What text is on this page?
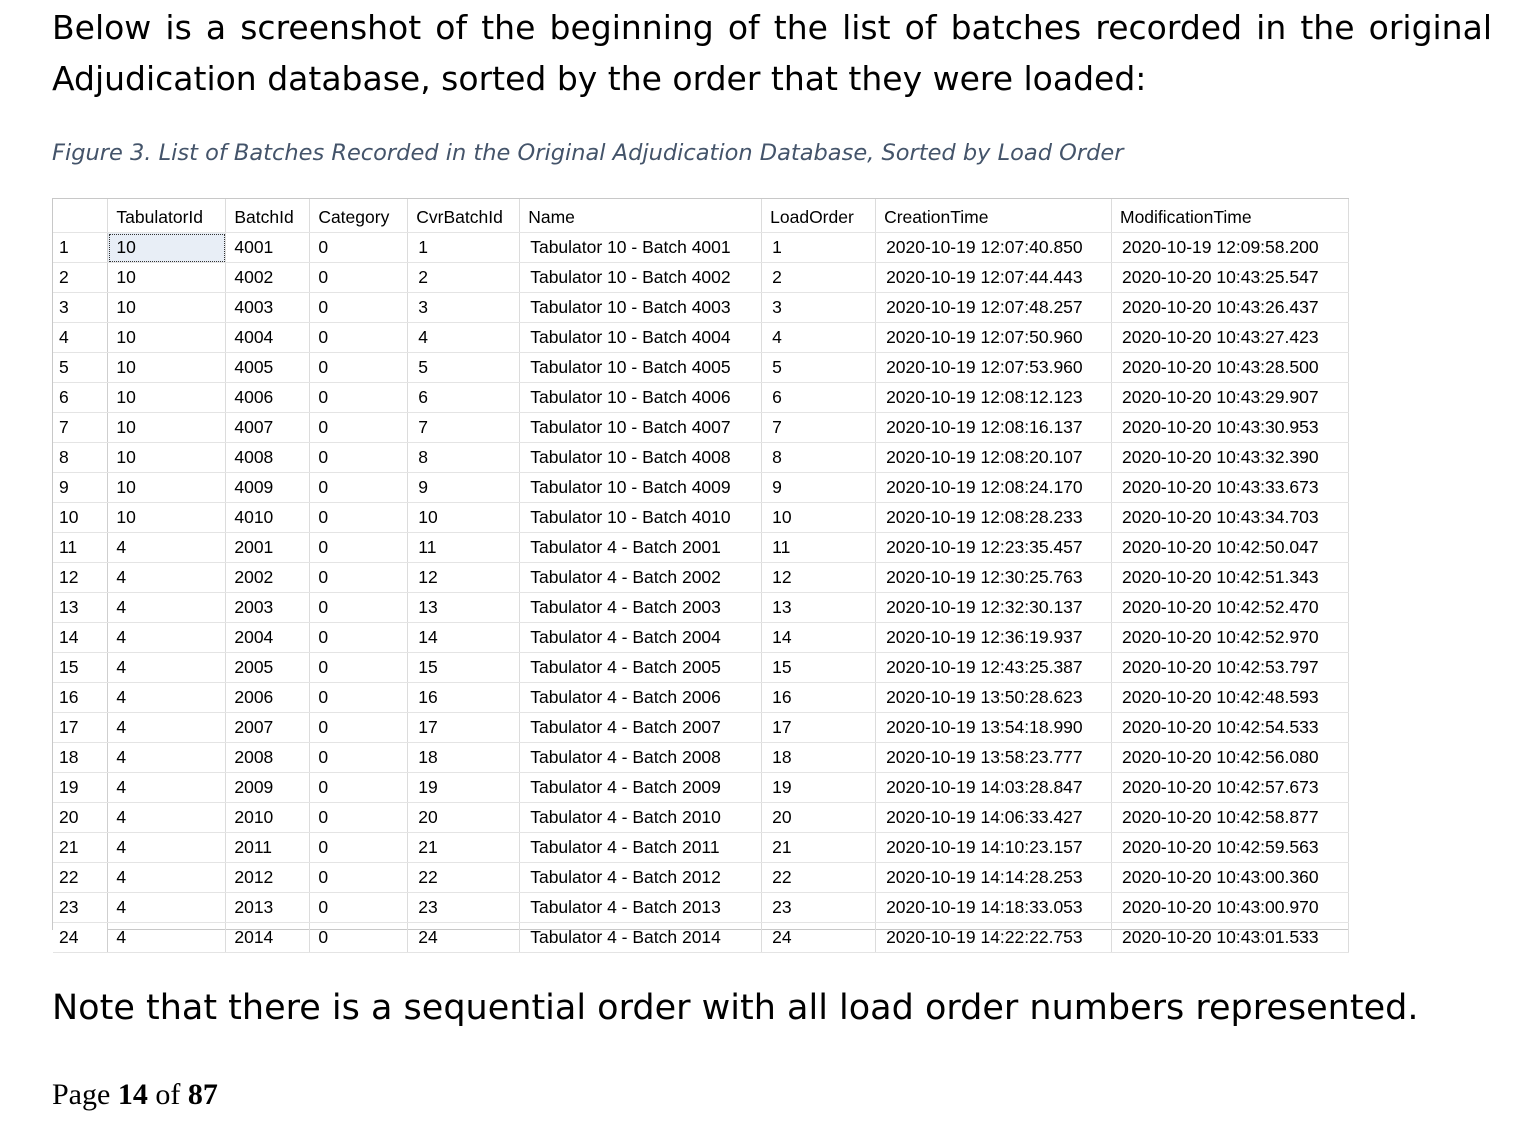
Below is a screenshot of the beginning of the list of batches recorded in the original Adjudication database, sorted by the order that they were loaded:

Figure 3. List of Batches Recorded in the Original Adjudication Database, Sorted by Load Order

	TabulatorId	BatchId	Category	CvrBatchId	Name	LoadOrder	CreationTime	ModificationTime
1	10	4001	0	1	Tabulator 10 - Batch 4001	1	2020-10-19 12:07:40.850	2020-10-19 12:09:58.200
2	10	4002	0	2	Tabulator 10 - Batch 4002	2	2020-10-19 12:07:44.443	2020-10-20 10:43:25.547
3	10	4003	0	3	Tabulator 10 - Batch 4003	3	2020-10-19 12:07:48.257	2020-10-20 10:43:26.437
4	10	4004	0	4	Tabulator 10 - Batch 4004	4	2020-10-19 12:07:50.960	2020-10-20 10:43:27.423
5	10	4005	0	5	Tabulator 10 - Batch 4005	5	2020-10-19 12:07:53.960	2020-10-20 10:43:28.500
6	10	4006	0	6	Tabulator 10 - Batch 4006	6	2020-10-19 12:08:12.123	2020-10-20 10:43:29.907
7	10	4007	0	7	Tabulator 10 - Batch 4007	7	2020-10-19 12:08:16.137	2020-10-20 10:43:30.953
8	10	4008	0	8	Tabulator 10 - Batch 4008	8	2020-10-19 12:08:20.107	2020-10-20 10:43:32.390
9	10	4009	0	9	Tabulator 10 - Batch 4009	9	2020-10-19 12:08:24.170	2020-10-20 10:43:33.673
10	10	4010	0	10	Tabulator 10 - Batch 4010	10	2020-10-19 12:08:28.233	2020-10-20 10:43:34.703
11	4	2001	0	11	Tabulator 4 - Batch 2001	11	2020-10-19 12:23:35.457	2020-10-20 10:42:50.047
12	4	2002	0	12	Tabulator 4 - Batch 2002	12	2020-10-19 12:30:25.763	2020-10-20 10:42:51.343
13	4	2003	0	13	Tabulator 4 - Batch 2003	13	2020-10-19 12:32:30.137	2020-10-20 10:42:52.470
14	4	2004	0	14	Tabulator 4 - Batch 2004	14	2020-10-19 12:36:19.937	2020-10-20 10:42:52.970
15	4	2005	0	15	Tabulator 4 - Batch 2005	15	2020-10-19 12:43:25.387	2020-10-20 10:42:53.797
16	4	2006	0	16	Tabulator 4 - Batch 2006	16	2020-10-19 13:50:28.623	2020-10-20 10:42:48.593
17	4	2007	0	17	Tabulator 4 - Batch 2007	17	2020-10-19 13:54:18.990	2020-10-20 10:42:54.533
18	4	2008	0	18	Tabulator 4 - Batch 2008	18	2020-10-19 13:58:23.777	2020-10-20 10:42:56.080
19	4	2009	0	19	Tabulator 4 - Batch 2009	19	2020-10-19 14:03:28.847	2020-10-20 10:42:57.673
20	4	2010	0	20	Tabulator 4 - Batch 2010	20	2020-10-19 14:06:33.427	2020-10-20 10:42:58.877
21	4	2011	0	21	Tabulator 4 - Batch 2011	21	2020-10-19 14:10:23.157	2020-10-20 10:42:59.563
22	4	2012	0	22	Tabulator 4 - Batch 2012	22	2020-10-19 14:14:28.253	2020-10-20 10:43:00.360
23	4	2013	0	23	Tabulator 4 - Batch 2013	23	2020-10-19 14:18:33.053	2020-10-20 10:43:00.970
24	4	2014	0	24	Tabulator 4 - Batch 2014	24	2020-10-19 14:22:22.753	2020-10-20 10:43:01.533

Note that there is a sequential order with all load order numbers represented.

Page 14 of 87
